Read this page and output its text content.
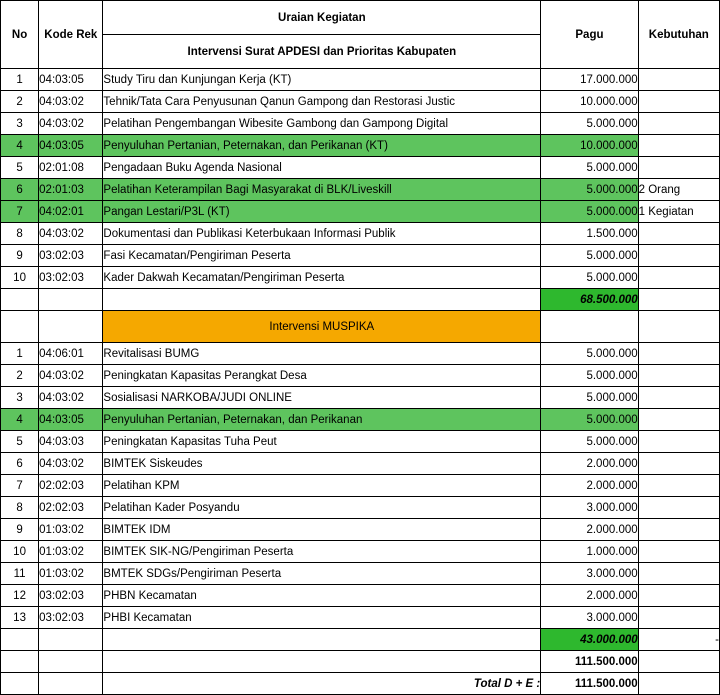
No	Kode Rek	Uraian Kegiatan	Pagu	Kebutuhan
		Intervensi Surat APDESI dan Prioritas Kabupaten		
1	04:03:05	Study Tiru dan Kunjungan Kerja (KT)	17.000.000	
2	04:03:02	Tehnik/Tata Cara Penyusunan Qanun Gampong dan Restorasi Justic	10.000.000	
3	04:03:02	Pelatihan Pengembangan Wibesite Gambong dan Gampong Digital	5.000.000	
4	04:03:05	Penyuluhan Pertanian, Peternakan, dan Perikanan (KT)	10.000.000	
5	02:01:08	Pengadaan Buku Agenda Nasional	5.000.000	
6	02:01:03	Pelatihan Keterampilan Bagi Masyarakat di BLK/Liveskill	5.000.000	2 Orang
7	04:02:01	Pangan Lestari/P3L (KT)	5.000.000	1 Kegiatan
8	04:03:02	Dokumentasi dan Publikasi Keterbukaan Informasi Publik	1.500.000	
9	03:02:03	Fasi Kecamatan/Pengiriman Peserta	5.000.000	
10	03:02:03	Kader Dakwah Kecamatan/Pengiriman Peserta	5.000.000	
			68.500.000	
		Intervensi MUSPIKA		
1	04:06:01	Revitalisasi BUMG	5.000.000	
2	04:03:02	Peningkatan Kapasitas Perangkat Desa	5.000.000	
3	04:03:02	Sosialisasi NARKOBA/JUDI ONLINE	5.000.000	
4	04:03:05	Penyuluhan Pertanian, Peternakan, dan Perikanan	5.000.000	
5	04:03:03	Peningkatan Kapasitas Tuha Peut	5.000.000	
6	04:03:02	BIMTEK Siskeudes	2.000.000	
7	02:02:03	Pelatihan KPM	2.000.000	
8	02:02:03	Pelatihan Kader Posyandu	3.000.000	
9	01:03:02	BIMTEK IDM	2.000.000	
10	01:03:02	BIMTEK SIK-NG/Pengiriman Peserta	1.000.000	
11	01:03:02	BMTEK SDGs/Pengiriman Peserta	3.000.000	
12	03:02:03	PHBN Kecamatan	2.000.000	
13	03:02:03	PHBI Kecamatan	3.000.000	
			43.000.000	-
			111.500.000	
		Total D + E :	111.500.000	
